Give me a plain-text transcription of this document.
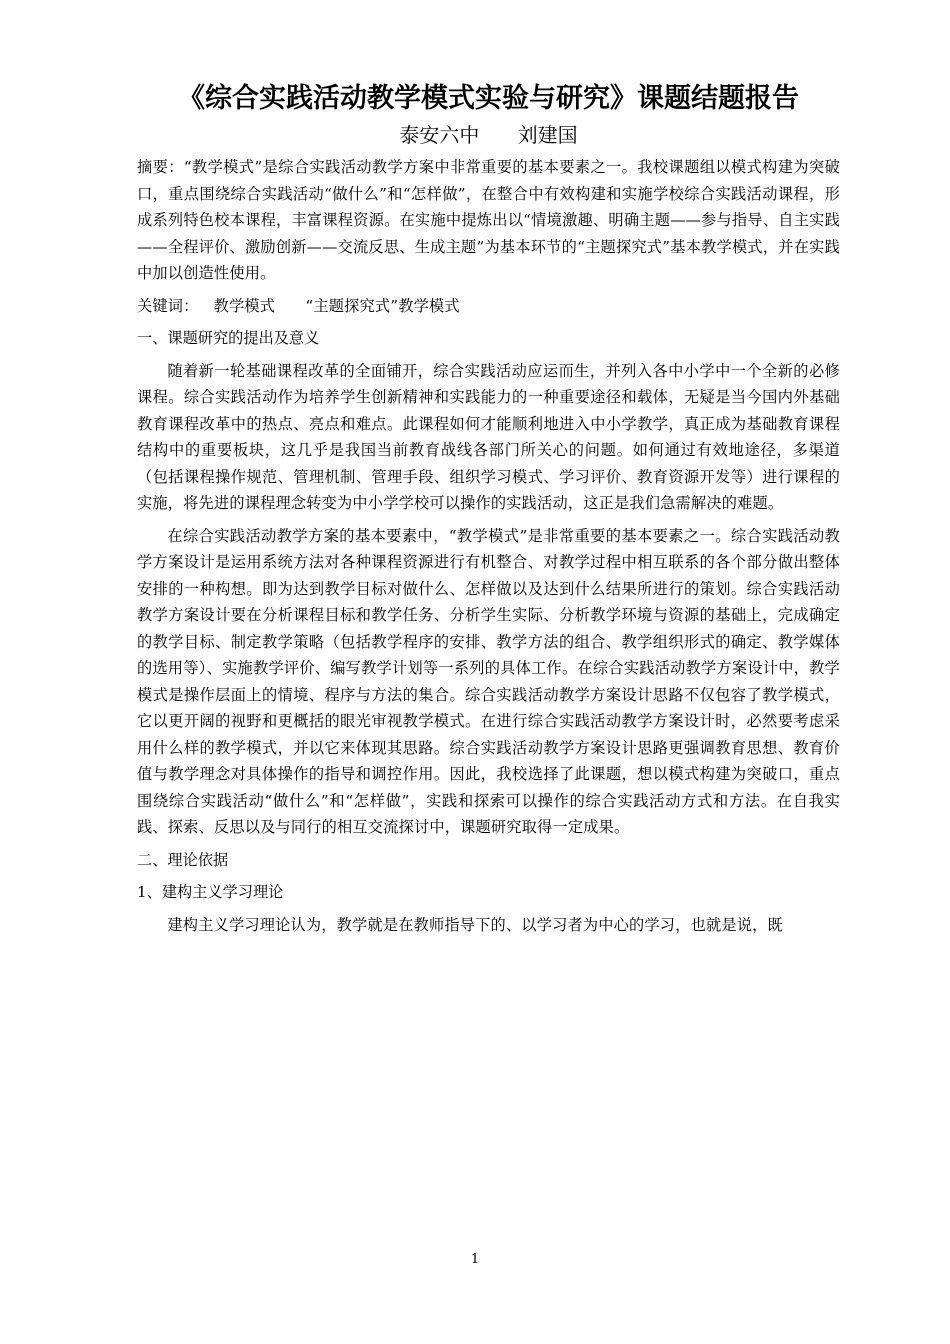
《综合实践活动教学模式实验与研究》课题结题报告
泰安六中      刘建国

摘要：“教学模式”是综合实践活动教学方案中非常重要的基本要素之一。我校课题组以模式构建为突破口，重点围绕综合实践活动“做什么”和“怎样做”，在整合中有效构建和实施学校综合实践活动课程，形成系列特色校本课程，丰富课程资源。在实施中提炼出以“情境激趣、明确主题——参与指导、自主实践——全程评价、激励创新——交流反思、生成主题”为基本环节的“主题探究式”基本教学模式，并在实践中加以创造性使用。

关键词：   教学模式      “主题探究式”教学模式

一、课题研究的提出及意义

随着新一轮基础课程改革的全面铺开，综合实践活动应运而生，并列入各中小学中一个全新的必修课程。综合实践活动作为培养学生创新精神和实践能力的一种重要途径和载体，无疑是当今国内外基础教育课程改革中的热点、亮点和难点。此课程如何才能顺利地进入中小学教学，真正成为基础教育课程结构中的重要板块，这几乎是我国当前教育战线各部门所关心的问题。如何通过有效地途径，多渠道（包括课程操作规范、管理机制、管理手段、组织学习模式、学习评价、教育资源开发等）进行课程的实施，将先进的课程理念转变为中小学学校可以操作的实践活动，这正是我们急需解决的难题。

在综合实践活动教学方案的基本要素中，“教学模式”是非常重要的基本要素之一。综合实践活动教学方案设计是运用系统方法对各种课程资源进行有机整合、对教学过程中相互联系的各个部分做出整体安排的一种构想。即为达到教学目标对做什么、怎样做以及达到什么结果所进行的策划。综合实践活动教学方案设计要在分析课程目标和教学任务、分析学生实际、分析教学环境与资源的基础上，完成确定的教学目标、制定教学策略（包括教学程序的安排、教学方法的组合、教学组织形式的确定、教学媒体的选用等）、实施教学评价、编写教学计划等一系列的具体工作。在综合实践活动教学方案设计中，教学模式是操作层面上的情境、程序与方法的集合。综合实践活动教学方案设计思路不仅包容了教学模式，它以更开阔的视野和更概括的眼光审视教学模式。在进行综合实践活动教学方案设计时，必然要考虑采用什么样的教学模式，并以它来体现其思路。综合实践活动教学方案设计思路更强调教育思想、教育价值与教学理念对具体操作的指导和调控作用。因此，我校选择了此课题，想以模式构建为突破口，重点围绕综合实践活动“做什么”和“怎样做”，实践和探索可以操作的综合实践活动方式和方法。在自我实践、探索、反思以及与同行的相互交流探讨中，课题研究取得一定成果。

二、理论依据
1、建构主义学习理论

建构主义学习理论认为，教学就是在教师指导下的、以学习者为中心的学习，也就是说，既

1
